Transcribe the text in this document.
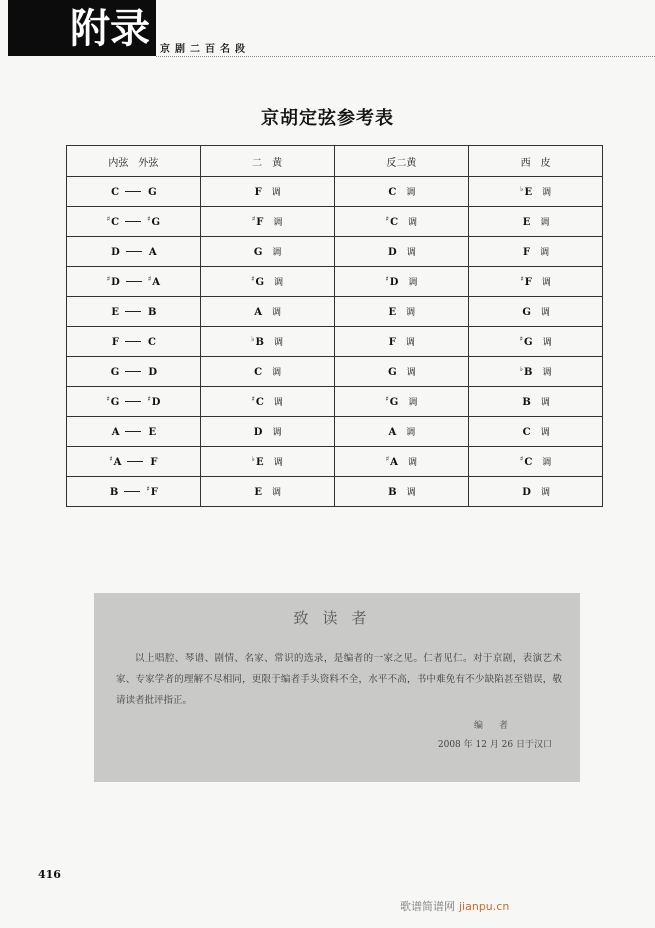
附录 京剧二百名段
京胡定弦参考表
内弦　外弦	二　黄	反二黄	西　皮
C G	F 调	C 调	♭E 调
♯C ♯G	♯F 调	♯C 调	E 调
D A	G 调	D 调	F 调
♯D ♯A	♯G 调	♯D 调	♯F 调
E B	A 调	E 调	G 调
F C	♭B 调	F 调	♯G 调
G D	C 调	G 调	♭B 调
♯G ♯D	♯C 调	♯G 调	B 调
A E	D 调	A 调	C 调
♯A F	♭E 调	♯A 调	♯C 调
B ♯F	E 调	B 调	D 调
致读者
以上唱腔、琴谱、剧情、名家、常识的选录，是编者的一家之见。仁者见仁。对于京剧，表演艺术家、专家学者的理解不尽相同，更限于编者手头资料不全，水平不高，书中难免有不少缺陷甚至错误，敬请读者批评指正。
编者
2008 年 12 月 26 日于汉口
416
歌谱简谱网 jianpu.cn
